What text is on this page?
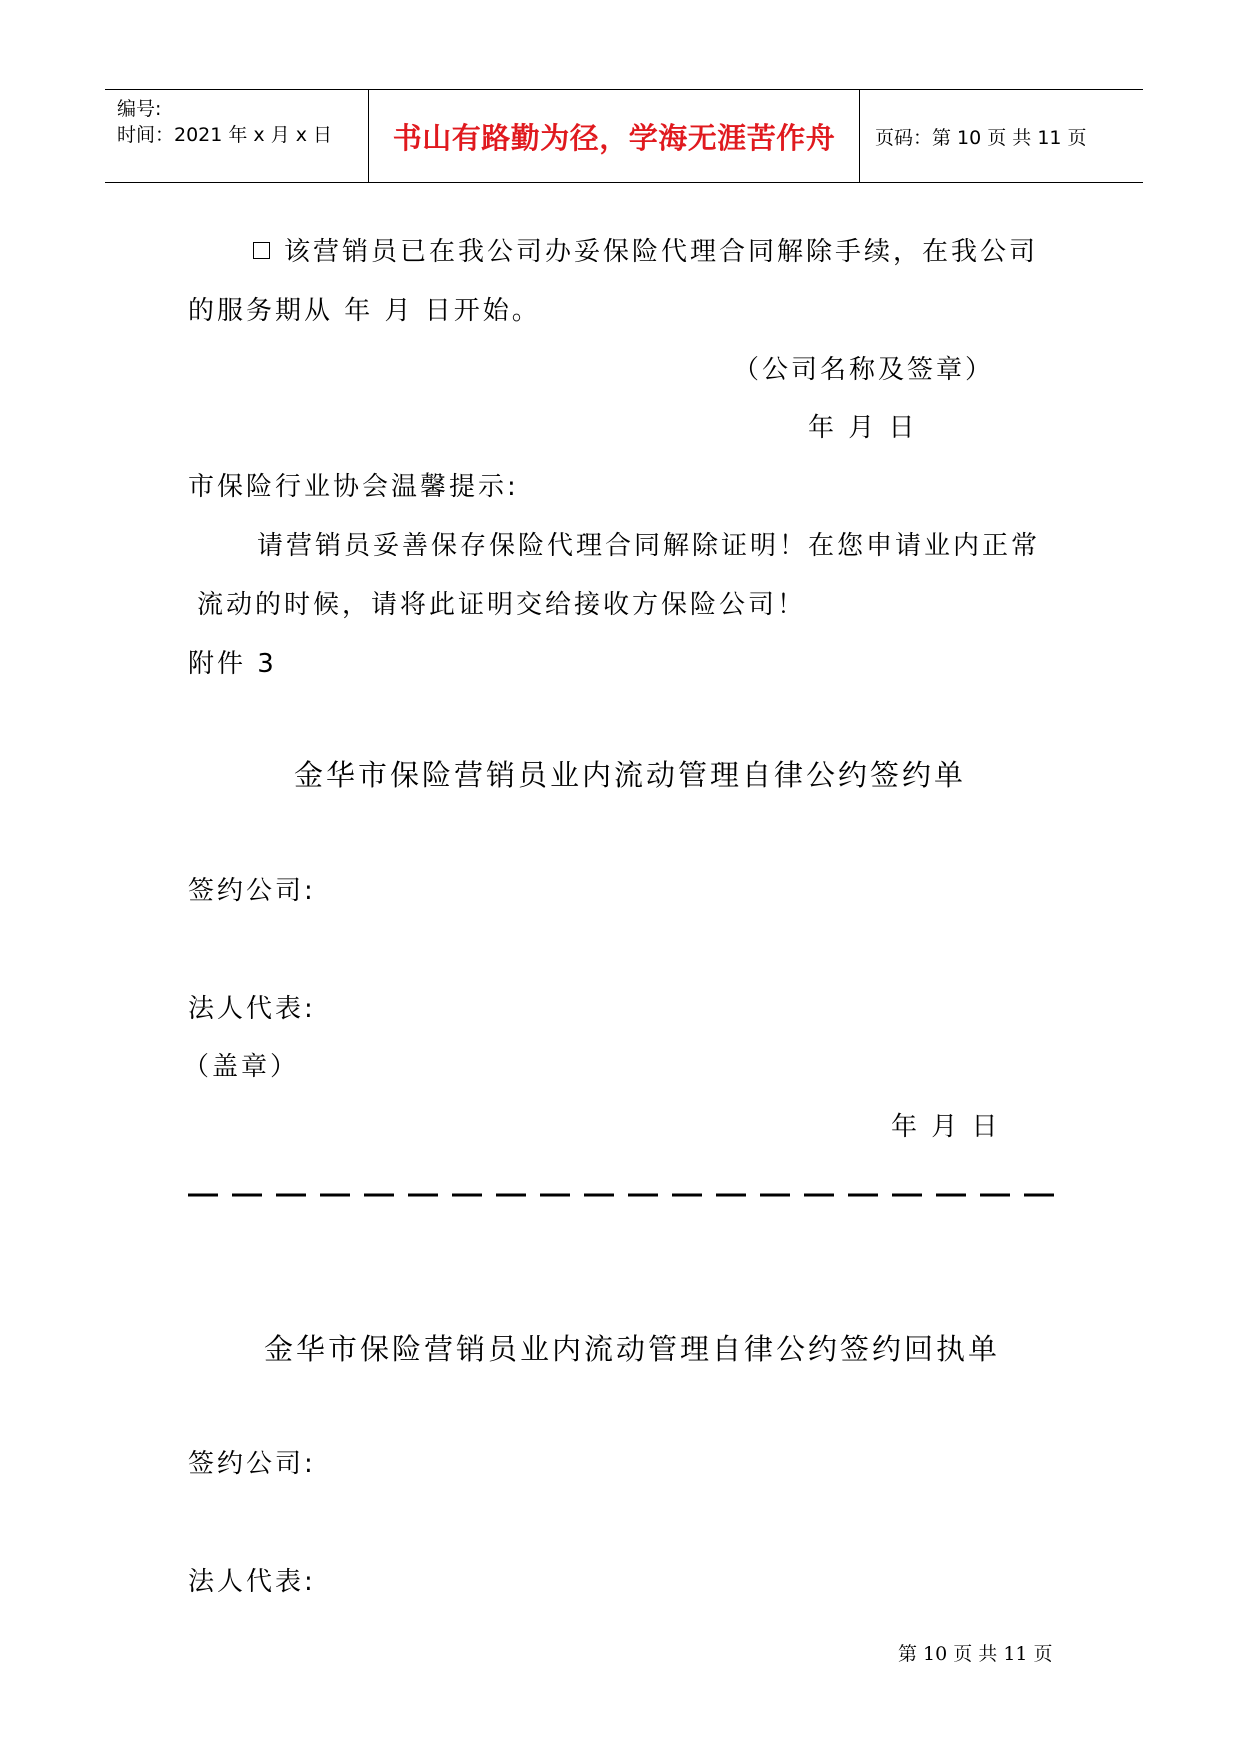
编号:
时间：2021 年 x 月 x 日 书山有路勤为径，学海无涯苦作舟 页码：第 10 页 共 11 页
该营销员已在我公司办妥保险代理合同解除手续，在我公司
的服务期从 年 月 日开始。
（公司名称及签章）
年 月 日
市保险行业协会温馨提示:
请营销员妥善保存保险代理合同解除证明！在您申请业内正常
流动的时候，请将此证明交给接收方保险公司！
附件 3
金华市保险营销员业内流动管理自律公约签约单
签约公司:
法人代表:
（盖章）
年 月 日
金华市保险营销员业内流动管理自律公约签约回执单
签约公司:
法人代表:
第 10 页 共 11 页
